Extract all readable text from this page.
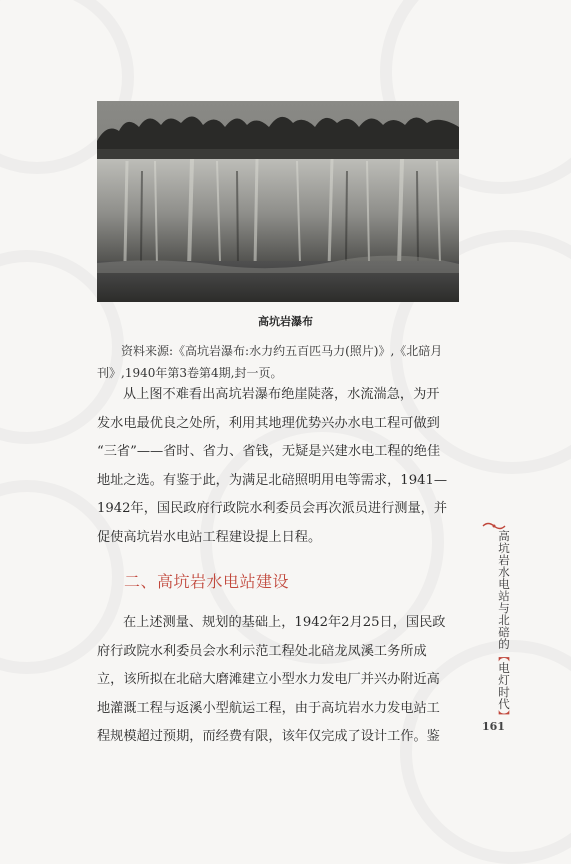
高坑岩瀑布
资料来源:《高坑岩瀑布:水力约五百匹马力(照片)》,《北碚月
刊》,1940年第3卷第4期,封一页。

从上图不难看出高坑岩瀑布绝崖陡落，水流湍急，为开

发水电最优良之处所，利用其地理优势兴办水电工程可做到
“三省”——省时、省力、省钱，无疑是兴建水电工程的绝佳
地址之选。有鉴于此，为满足北碚照明用电等需求，1941—
1942年，国民政府行政院水利委员会再次派员进行测量，并
促使高坑岩水电站工程建设提上日程。
二、高坑岩水电站建设

在上述测量、规划的基础上，1942年2月25日，国民政

府行政院水利委员会水利示范工程处北碚龙凤溪工务所成
立，该所拟在北碚大磨滩建立小型水力发电厂并兴办附近高
地灌溉工程与返溪小型航运工程，由于高坑岩水力发电站工
程规模超过预期，而经费有限，该年仅完成了设计工作。鉴
高坑岩水电站与北碚的【电灯时代】
161
